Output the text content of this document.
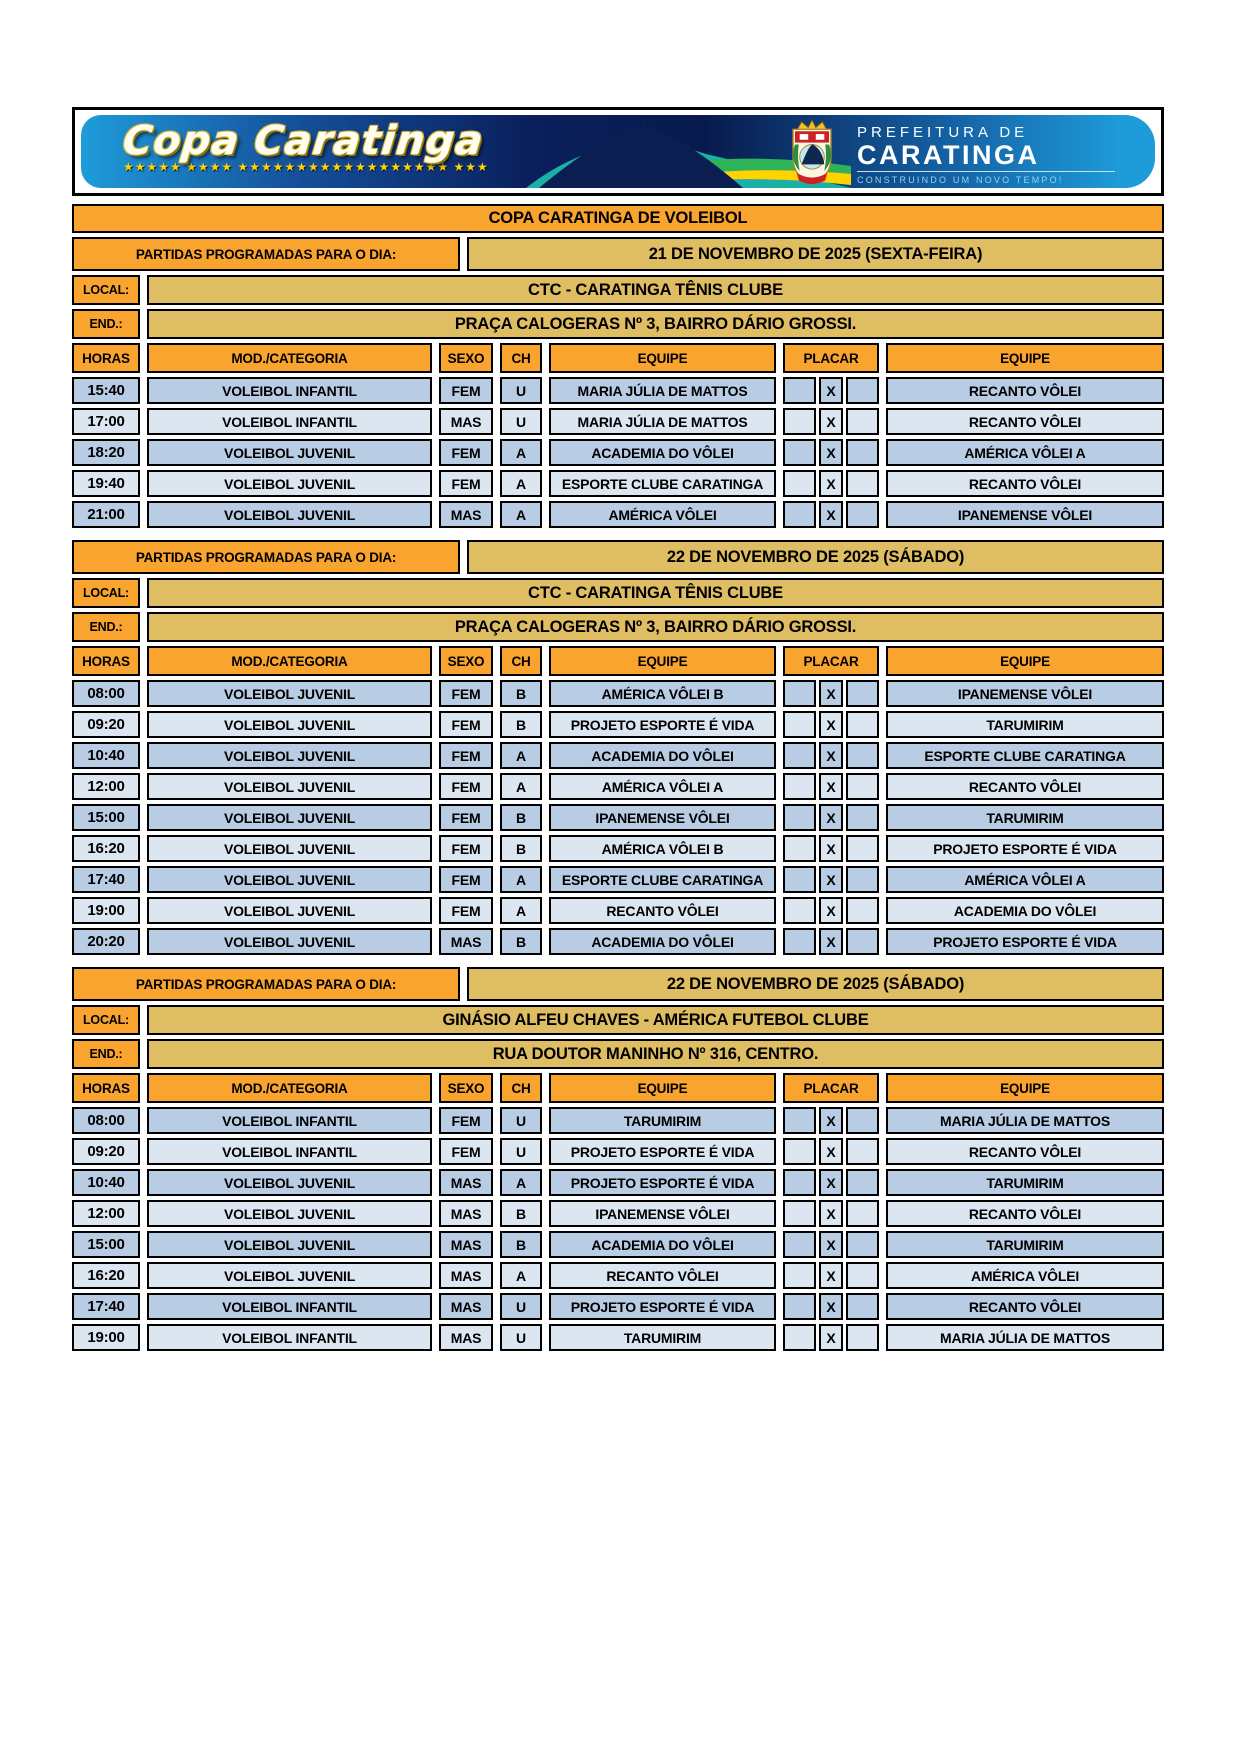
Copa Caratinga
★★★★★ ★★★★ ★★★★★★★★★★★★★★★★★★ ★★★
PREFEITURA DE
CARATINGA
CONSTRUINDO UM NOVO TEMPO!
COPA CARATINGA DE VOLEIBOL
PARTIDAS PROGRAMADAS PARA O DIA:	21 DE NOVEMBRO DE 2025 (SEXTA-FEIRA)
LOCAL:	CTC - CARATINGA TÊNIS CLUBE
END.:	PRAÇA CALOGERAS Nº 3, BAIRRO DÁRIO GROSSI.
HORAS	MOD./CATEGORIA	SEXO	CH	EQUIPE	PLACAR	EQUIPE
15:40	VOLEIBOL INFANTIL	FEM	U	MARIA JÚLIA DE MATTOS	X	RECANTO VÔLEI
17:00	VOLEIBOL INFANTIL	MAS	U	MARIA JÚLIA DE MATTOS	X	RECANTO VÔLEI
18:20	VOLEIBOL JUVENIL	FEM	A	ACADEMIA DO VÔLEI	X	AMÉRICA VÔLEI A
19:40	VOLEIBOL JUVENIL	FEM	A	ESPORTE CLUBE CARATINGA	X	RECANTO VÔLEI
21:00	VOLEIBOL JUVENIL	MAS	A	AMÉRICA VÔLEI	X	IPANEMENSE VÔLEI
PARTIDAS PROGRAMADAS PARA O DIA:	22 DE NOVEMBRO DE 2025 (SÁBADO)
LOCAL:	CTC - CARATINGA TÊNIS CLUBE
END.:	PRAÇA CALOGERAS Nº 3, BAIRRO DÁRIO GROSSI.
HORAS	MOD./CATEGORIA	SEXO	CH	EQUIPE	PLACAR	EQUIPE
08:00	VOLEIBOL JUVENIL	FEM	B	AMÉRICA VÔLEI B	X	IPANEMENSE VÔLEI
09:20	VOLEIBOL JUVENIL	FEM	B	PROJETO ESPORTE É VIDA	X	TARUMIRIM
10:40	VOLEIBOL JUVENIL	FEM	A	ACADEMIA DO VÔLEI	X	ESPORTE CLUBE CARATINGA
12:00	VOLEIBOL JUVENIL	FEM	A	AMÉRICA VÔLEI A	X	RECANTO VÔLEI
15:00	VOLEIBOL JUVENIL	FEM	B	IPANEMENSE VÔLEI	X	TARUMIRIM
16:20	VOLEIBOL JUVENIL	FEM	B	AMÉRICA VÔLEI B	X	PROJETO ESPORTE É VIDA
17:40	VOLEIBOL JUVENIL	FEM	A	ESPORTE CLUBE CARATINGA	X	AMÉRICA VÔLEI A
19:00	VOLEIBOL JUVENIL	FEM	A	RECANTO VÔLEI	X	ACADEMIA DO VÔLEI
20:20	VOLEIBOL JUVENIL	MAS	B	ACADEMIA DO VÔLEI	X	PROJETO ESPORTE É VIDA
PARTIDAS PROGRAMADAS PARA O DIA:	22 DE NOVEMBRO DE 2025 (SÁBADO)
LOCAL:	GINÁSIO ALFEU CHAVES - AMÉRICA FUTEBOL CLUBE
END.:	RUA DOUTOR MANINHO Nº 316, CENTRO.
HORAS	MOD./CATEGORIA	SEXO	CH	EQUIPE	PLACAR	EQUIPE
08:00	VOLEIBOL INFANTIL	FEM	U	TARUMIRIM	X	MARIA JÚLIA DE MATTOS
09:20	VOLEIBOL INFANTIL	FEM	U	PROJETO ESPORTE É VIDA	X	RECANTO VÔLEI
10:40	VOLEIBOL JUVENIL	MAS	A	PROJETO ESPORTE É VIDA	X	TARUMIRIM
12:00	VOLEIBOL JUVENIL	MAS	B	IPANEMENSE VÔLEI	X	RECANTO VÔLEI
15:00	VOLEIBOL JUVENIL	MAS	B	ACADEMIA DO VÔLEI	X	TARUMIRIM
16:20	VOLEIBOL JUVENIL	MAS	A	RECANTO VÔLEI	X	AMÉRICA VÔLEI
17:40	VOLEIBOL INFANTIL	MAS	U	PROJETO ESPORTE É VIDA	X	RECANTO VÔLEI
19:00	VOLEIBOL INFANTIL	MAS	U	TARUMIRIM	X	MARIA JÚLIA DE MATTOS
